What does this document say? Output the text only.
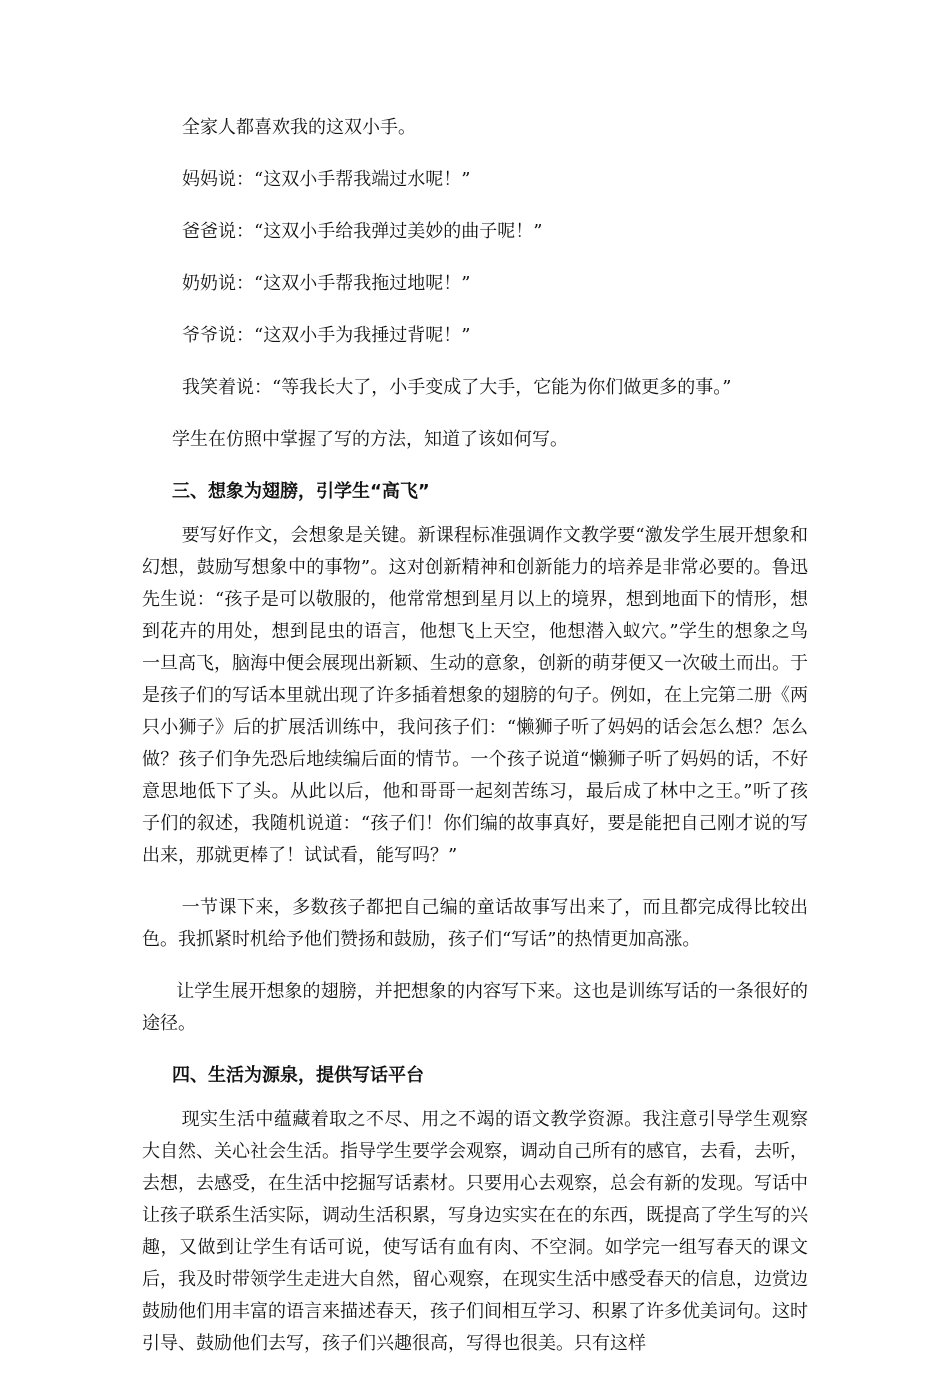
全家人都喜欢我的这双小手。
妈妈说：“这双小手帮我端过水呢！”
爸爸说：“这双小手给我弹过美妙的曲子呢！”
奶奶说：“这双小手帮我拖过地呢！”
爷爷说：“这双小手为我捶过背呢！”
我笑着说：“等我长大了，小手变成了大手，它能为你们做更多的事。”
学生在仿照中掌握了写的方法，知道了该如何写。
三、想象为翅膀，引学生“高飞”

要写好作文，会想象是关键。新课程标准强调作文教学要“激发学生展开想象和幻想，鼓励写想象中的事物”。这对创新精神和创新能力的培养是非常必要的。鲁迅先生说：“孩子是可以敬服的，他常常想到星月以上的境界，想到地面下的情形，想到花卉的用处，想到昆虫的语言，他想飞上天空，他想潜入蚁穴。”学生的想象之鸟一旦高飞，脑海中便会展现出新颖、生动的意象，创新的萌芽便又一次破土而出。于是孩子们的写话本里就出现了许多插着想象的翅膀的句子。例如，在上完第二册《两只小狮子》后的扩展活训练中，我问孩子们：“懒狮子听了妈妈的话会怎么想？怎么做？孩子们争先恐后地续编后面的情节。一个孩子说道“懒狮子听了妈妈的话，不好意思地低下了头。从此以后，他和哥哥一起刻苦练习，最后成了林中之王。”听了孩子们的叙述，我随机说道：“孩子们！你们编的故事真好，要是能把自己刚才说的写出来，那就更棒了！试试看，能写吗？”

一节课下来，多数孩子都把自己编的童话故事写出来了，而且都完成得比较出色。我抓紧时机给予他们赞扬和鼓励，孩子们“写话”的热情更加高涨。

让学生展开想象的翅膀，并把想象的内容写下来。这也是训练写话的一条很好的途径。

四、生活为源泉，提供写话平台

现实生活中蕴藏着取之不尽、用之不竭的语文教学资源。我注意引导学生观察大自然、关心社会生活。指导学生要学会观察，调动自己所有的感官，去看，去听，去想，去感受，在生活中挖掘写话素材。只要用心去观察，总会有新的发现。写话中让孩子联系生活实际，调动生活积累，写身边实实在在的东西，既提高了学生写的兴趣，又做到让学生有话可说，使写话有血有肉、不空洞。如学完一组写春天的课文后，我及时带领学生走进大自然，留心观察，在现实生活中感受春天的信息，边赏边鼓励他们用丰富的语言来描述春天，孩子们间相互学习、积累了许多优美词句。这时引导、鼓励他们去写，孩子们兴趣很高，写得也很美。只有这样
